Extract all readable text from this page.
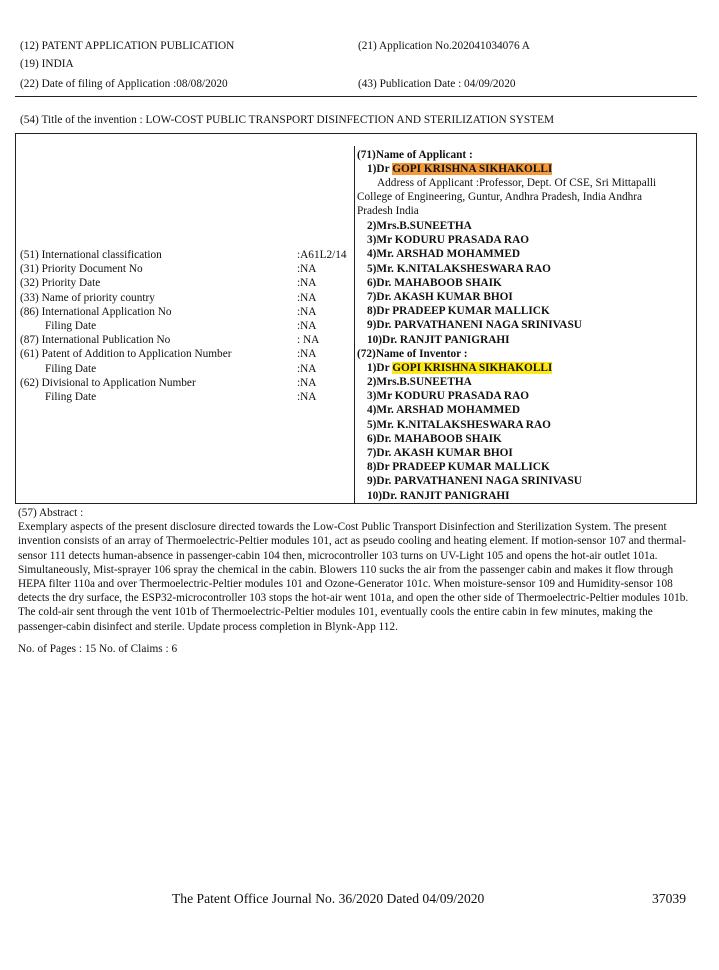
(12) PATENT APPLICATION PUBLICATION
(19) INDIA
(22) Date of filing of Application :08/08/2020
(21) Application No.202041034076 A
(43) Publication Date : 04/09/2020
(54) Title of the invention : LOW-COST PUBLIC TRANSPORT DISINFECTION AND STERILIZATION SYSTEM
(51) International classification
(31) Priority Document No
(32) Priority Date
(33) Name of priority country
(86) International Application No
Filing Date
(87) International Publication No
(61) Patent of Addition to Application Number
Filing Date
(62) Divisional to Application Number
Filing Date
:A61L2/14
:NA
:NA
:NA
:NA
:NA
: NA
:NA
:NA
:NA
:NA
(71)Name of Applicant :
1)Dr GOPI KRISHNA SIKHAKOLLI
Address of Applicant :Professor, Dept. Of CSE, Sri Mittapalli
College of Engineering, Guntur, Andhra Pradesh, India Andhra
Pradesh India
2)Mrs.B.SUNEETHA
3)Mr KODURU PRASADA RAO
4)Mr. ARSHAD MOHAMMED
5)Mr. K.NITALAKSHESWARA RAO
6)Dr. MAHABOOB SHAIK
7)Dr. AKASH KUMAR BHOI
8)Dr PRADEEP KUMAR MALLICK
9)Dr. PARVATHANENI NAGA SRINIVASU
10)Dr. RANJIT PANIGRAHI
(72)Name of Inventor :
1)Dr GOPI KRISHNA SIKHAKOLLI
2)Mrs.B.SUNEETHA
3)Mr KODURU PRASADA RAO
4)Mr. ARSHAD MOHAMMED
5)Mr. K.NITALAKSHESWARA RAO
6)Dr. MAHABOOB SHAIK
7)Dr. AKASH KUMAR BHOI
8)Dr PRADEEP KUMAR MALLICK
9)Dr. PARVATHANENI NAGA SRINIVASU
10)Dr. RANJIT PANIGRAHI

(57) Abstract :

Exemplary aspects of the present disclosure directed towards the Low-Cost Public Transport Disinfection and Sterilization System. The present invention consists of an array of Thermoelectric-Peltier modules 101, act as pseudo cooling and heating element. If motion-sensor 107 and thermal-sensor 111 detects human-absence in passenger-cabin 104 then, microcontroller 103 turns on UV-Light 105 and opens the hot-air outlet 101a. Simultaneously, Mist-sprayer 106 spray the chemical in the cabin. Blowers 110 sucks the air from the passenger cabin and makes it flow through HEPA filter 110a and over Thermoelectric-Peltier modules 101 and Ozone-Generator 101c. When moisture-sensor 109 and Humidity-sensor 108 detects the dry surface, the ESP32-microcontroller 103 stops the hot-air went 101a, and open the other side of Thermoelectric-Peltier modules 101b. The cold-air sent through the vent 101b of Thermoelectric-Peltier modules 101, eventually cools the entire cabin in few minutes, making the passenger-cabin disinfect and sterile. Update process completion in Blynk-App 112.

No. of Pages : 15 No. of Claims : 6

The Patent Office Journal No. 36/2020 Dated 04/09/2020	37039
